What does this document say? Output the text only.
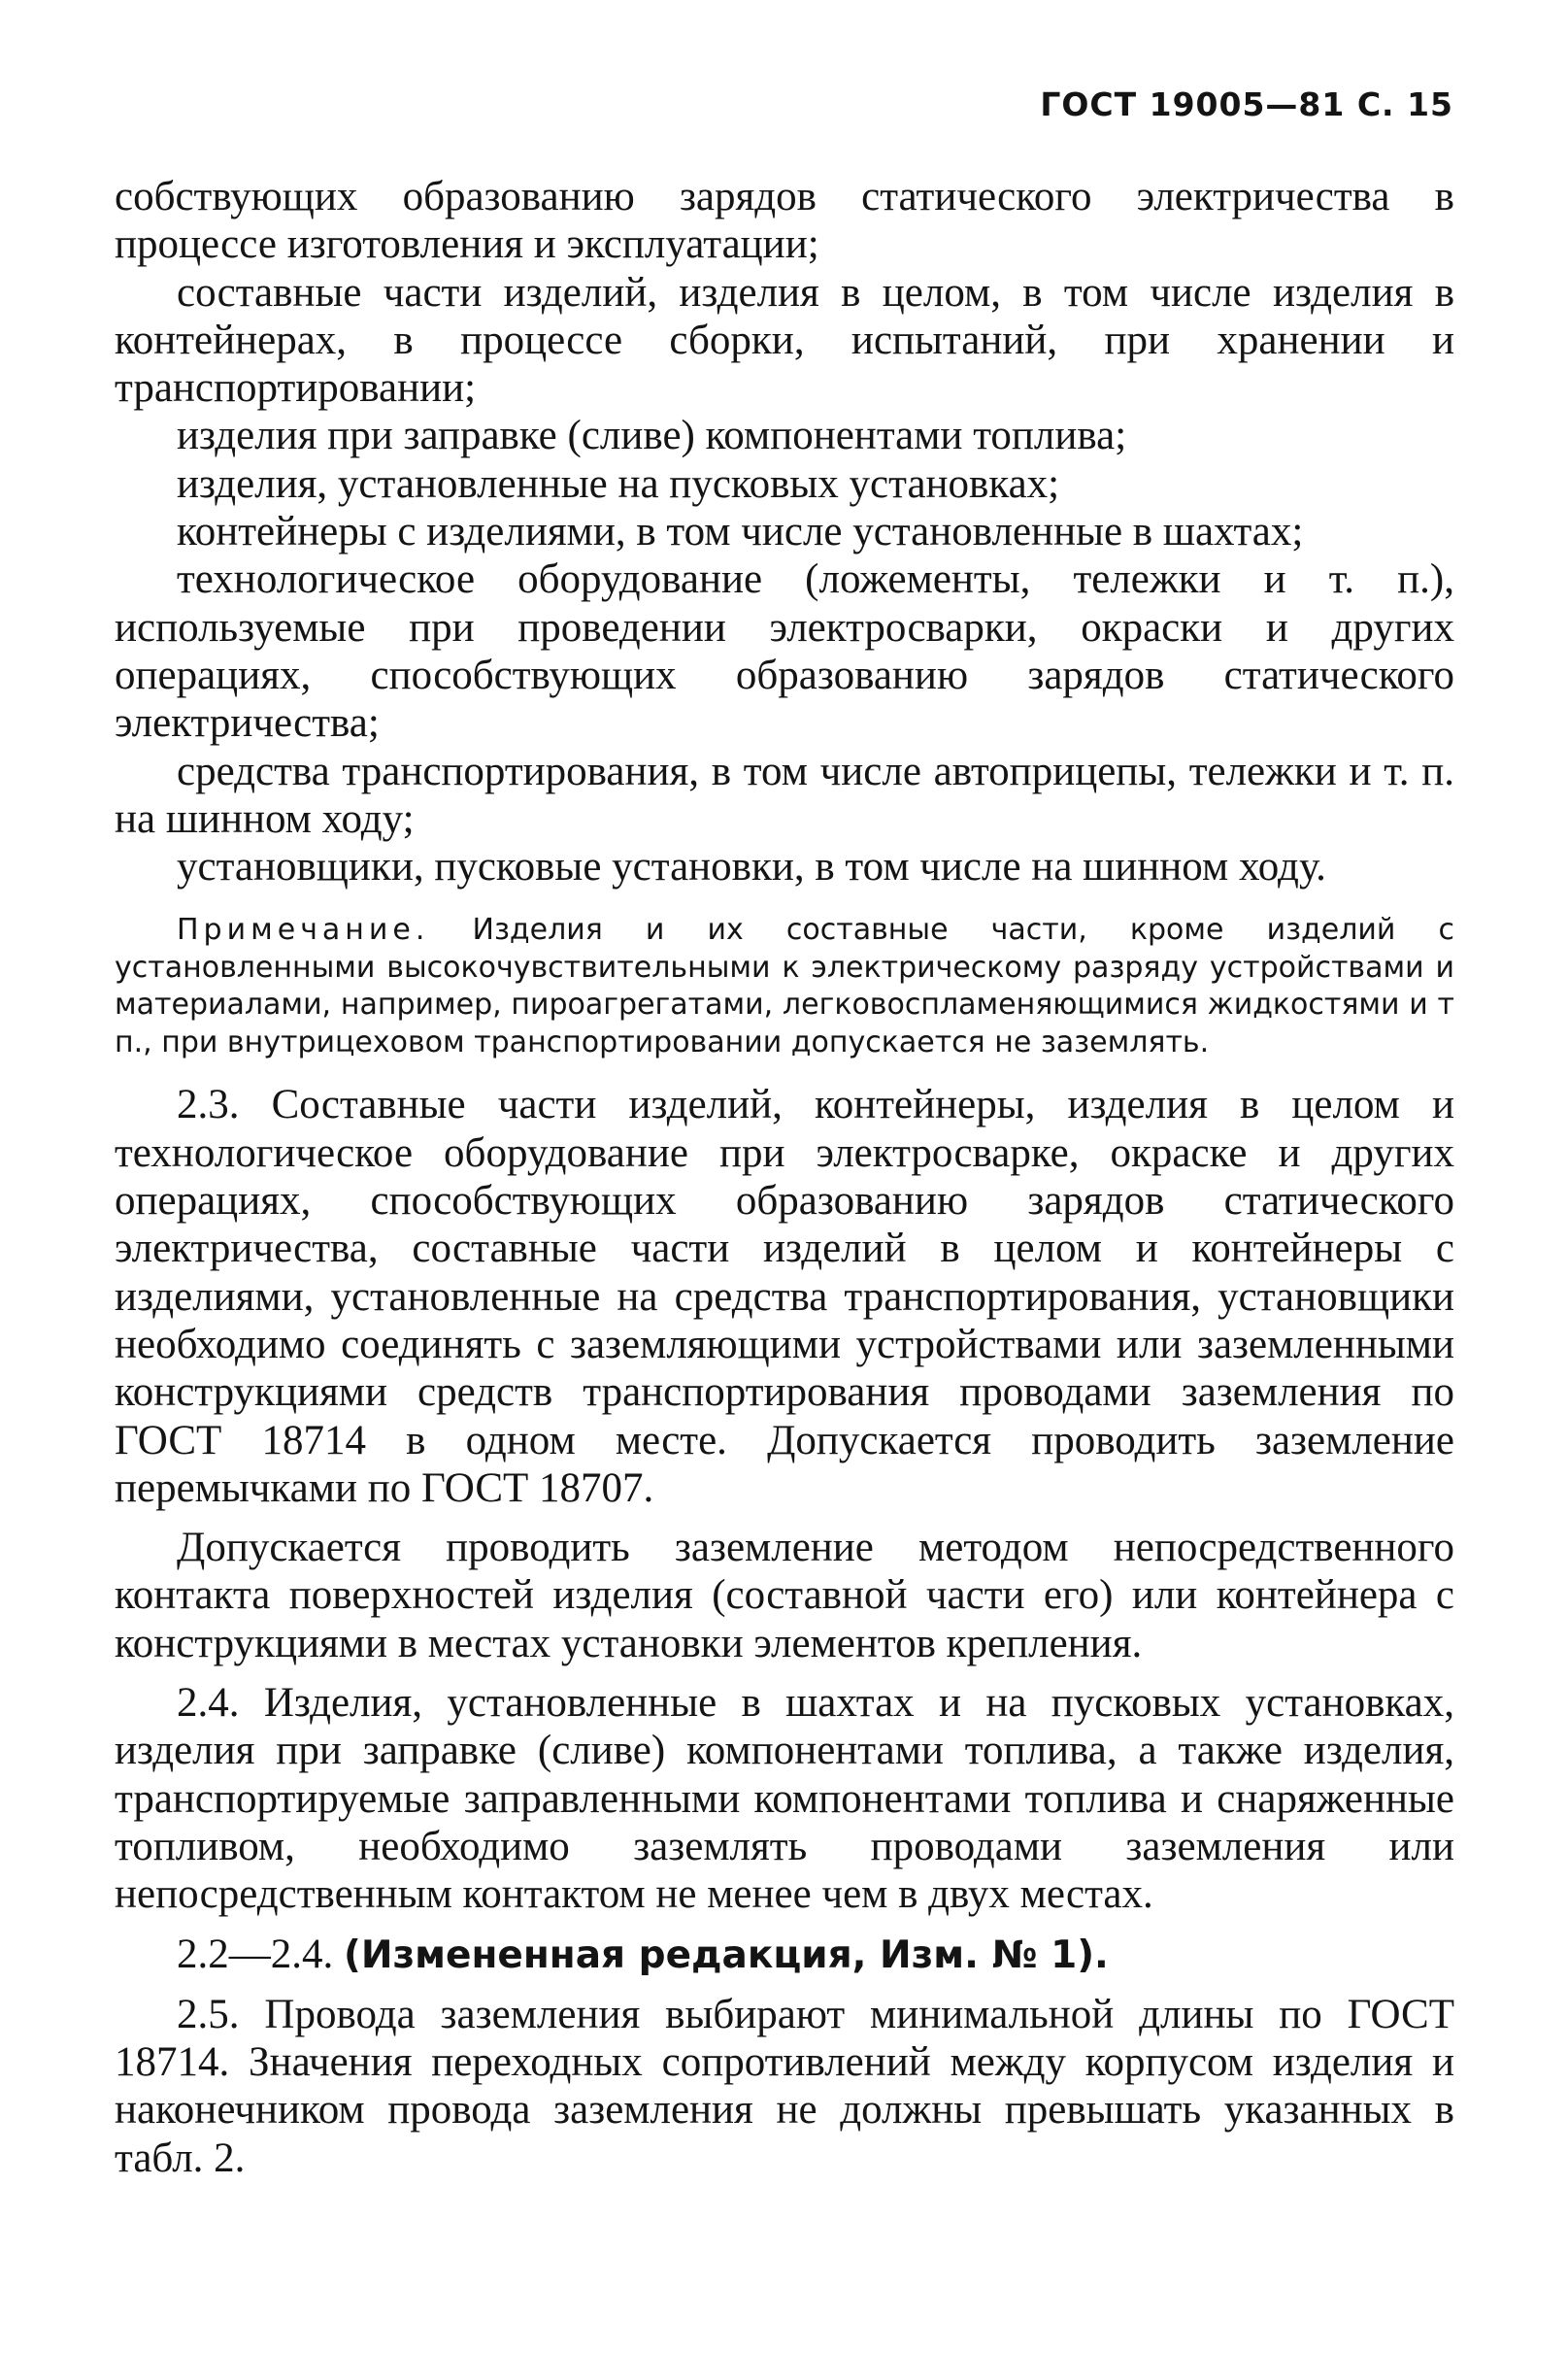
ГОСТ 19005—81 С. 15

собствующих образованию зарядов статического электричества в процессе изготовления и эксплуатации;

составные части изделий, изделия в целом, в том числе изделия в контейнерах, в процессе сборки, испытаний, при хранении и транспортировании;

изделия при заправке (сливе) компонентами топлива;

изделия, установленные на пусковых установках;

контейнеры с изделиями, в том числе установленные в шахтах;

технологическое оборудование (ложементы, тележки и т. п.), используемые при проведении электросварки, окраски и других операциях, способствующих образованию зарядов статического электричества;

средства транспортирования, в том числе автоприцепы, тележки и т. п. на шинном ходу;

установщики, пусковые установки, в том числе на шинном ходу.

Примечание. Изделия и их составные части, кроме изделий с установленными высокочувствительными к электрическому разряду устройствами и материалами, например, пироагрегатами, легковоспламеняющимися жидкостями и т п., при внутрицеховом транспортировании допускается не заземлять.

2.3. Составные части изделий, контейнеры, изделия в целом и технологическое оборудование при электросварке, окраске и других операциях, способствующих образованию зарядов статического электричества, составные части изделий в целом и контейнеры с изделиями, установленные на средства транспортирования, установщики необходимо соединять с заземляющими устройствами или заземленными конструкциями средств транспортирования проводами заземления по ГОСТ 18714 в одном месте. Допускается проводить заземление перемычками по ГОСТ 18707.

Допускается проводить заземление методом непосредственного контакта поверхностей изделия (составной части его) или контейнера с конструкциями в местах установки элементов крепления.

2.4. Изделия, установленные в шахтах и на пусковых установках, изделия при заправке (сливе) компонентами топлива, а также изделия, транспортируемые заправленными компонентами топлива и снаряженные топливом, необходимо заземлять проводами заземления или непосредственным контактом не менее чем в двух местах.

2.2—2.4. (Измененная редакция, Изм. № 1).

2.5. Провода заземления выбирают минимальной длины по ГОСТ 18714. Значения переходных сопротивлений между корпусом изделия и наконечником провода заземления не должны превышать указанных в табл. 2.
